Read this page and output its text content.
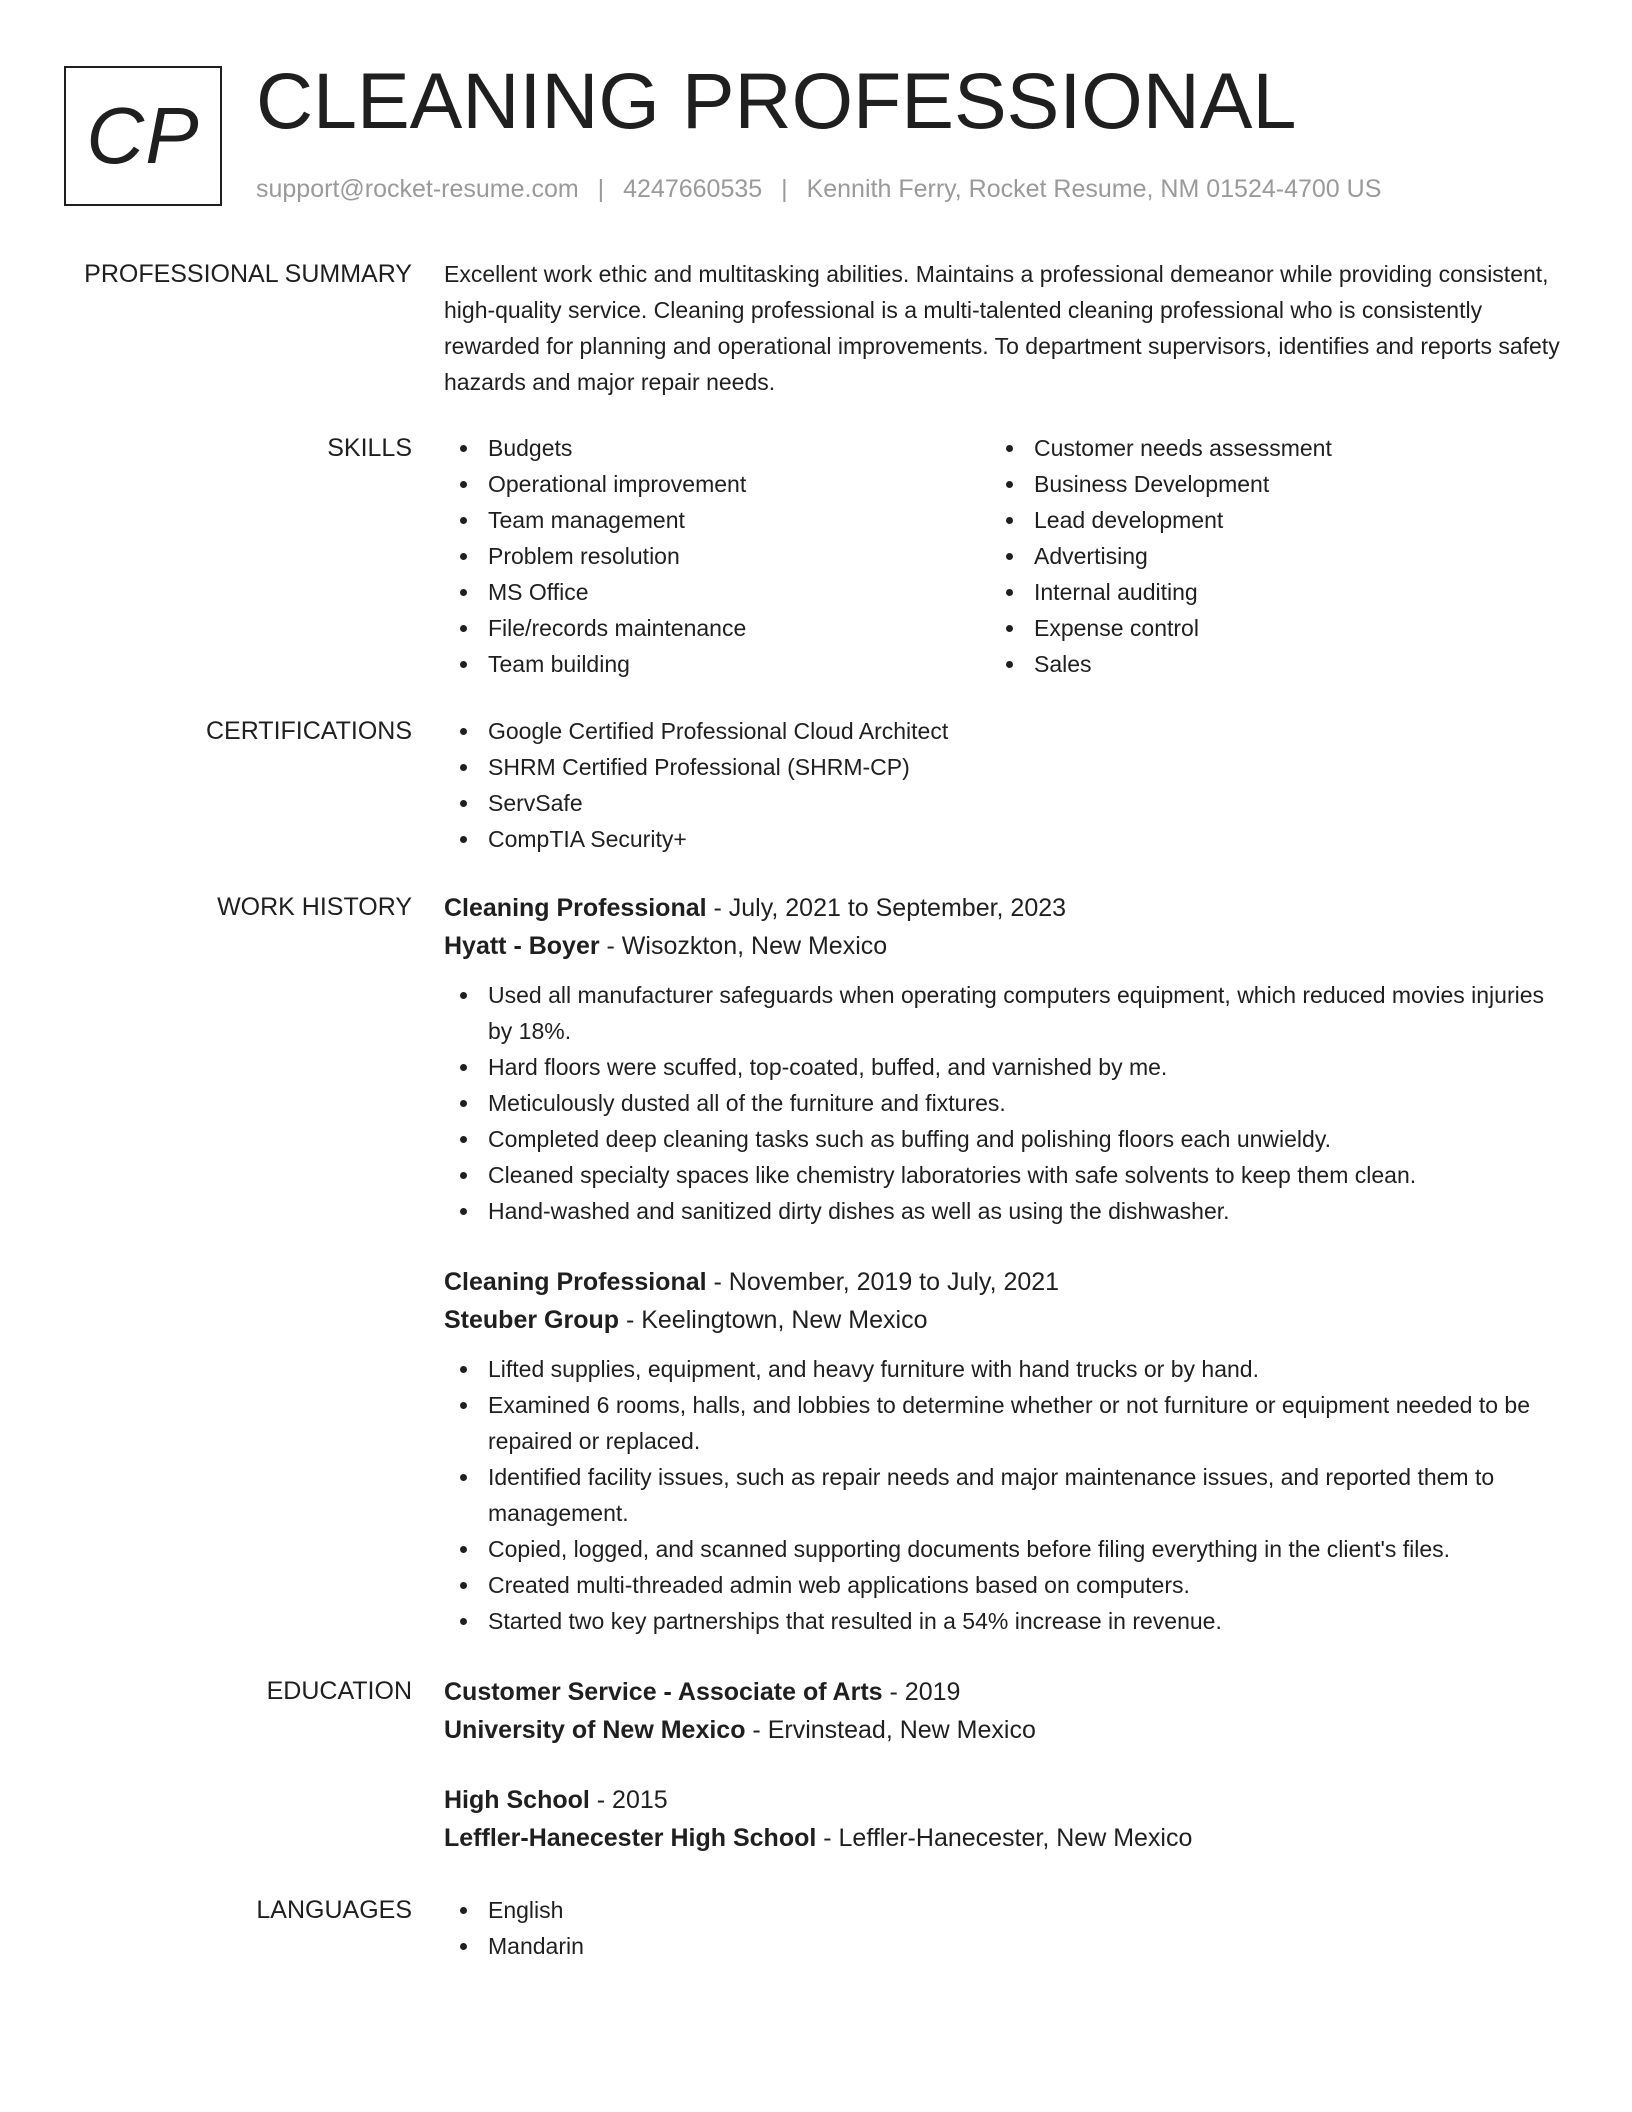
CP CLEANING PROFESSIONAL
support@rocket-resume.com | 4247660535 | Kennith Ferry, Rocket Resume, NM 01524-4700 US
PROFESSIONAL SUMMARY Excellent work ethic and multitasking abilities. Maintains a professional demeanor while providing consistent, high-quality service. Cleaning professional is a multi-talented cleaning professional who is consistently rewarded for planning and operational improvements. To department supervisors, identifies and reports safety hazards and major repair needs.

SKILLS	Budgets
Operational improvement
Team management
Problem resolution
MS Office
File/records maintenance
Team building
Customer needs assessment
Business Development
Lead development
Advertising
Internal auditing
Expense control
Sales
CERTIFICATIONS	Google Certified Professional Cloud Architect
SHRM Certified Professional (SHRM-CP)
ServSafe
CompTIA Security+
WORK HISTORY Cleaning Professional - July, 2021 to September, 2023
Hyatt - Boyer - Wisozkton, New Mexico
Used all manufacturer safeguards when operating computers equipment, which reduced movies injuries by 18%.
Hard floors were scuffed, top-coated, buffed, and varnished by me.
Meticulously dusted all of the furniture and fixtures.
Completed deep cleaning tasks such as buffing and polishing floors each unwieldy.
Cleaned specialty spaces like chemistry laboratories with safe solvents to keep them clean.
Hand-washed and sanitized dirty dishes as well as using the dishwasher.
Cleaning Professional - November, 2019 to July, 2021
Steuber Group - Keelingtown, New Mexico
Lifted supplies, equipment, and heavy furniture with hand trucks or by hand.
Examined 6 rooms, halls, and lobbies to determine whether or not furniture or equipment needed to be repaired or replaced.
Identified facility issues, such as repair needs and major maintenance issues, and reported them to management.
Copied, logged, and scanned supporting documents before filing everything in the client's files.
Created multi-threaded admin web applications based on computers.
Started two key partnerships that resulted in a 54% increase in revenue.
EDUCATION Customer Service - Associate of Arts - 2019
University of New Mexico - Ervinstead, New Mexico
High School - 2015
Leffler-Hanecester High School - Leffler-Hanecester, New Mexico
LANGUAGES	English
Mandarin
